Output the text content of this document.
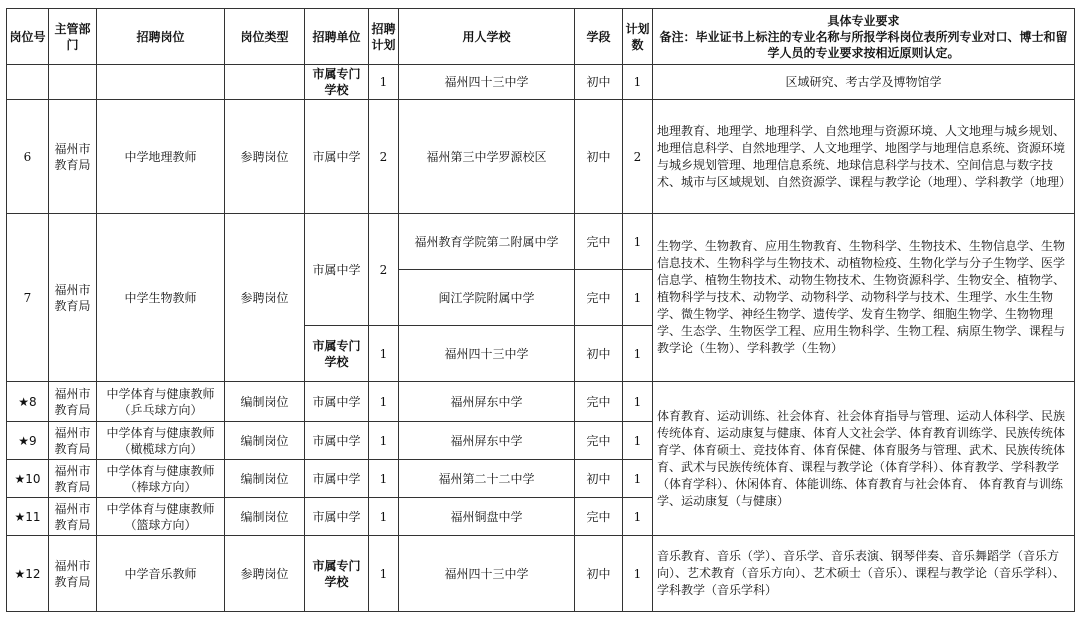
岗位号	主管部门	招聘岗位	岗位类型	招聘单位	招聘计划	用人学校	学段	计划数	具体专业要求
备注：毕业证书上标注的专业名称与所报学科岗位表所列专业对口、博士和留学人员的专业要求按相近原则认定。

				市属专门学校	1	福州四十三中学	初中	1	区域研究、考古学及博物馆学
6	福州市教育局	中学地理教师	参聘岗位	市属中学	2	福州第三中学罗源校区	初中	2	地理教育、地理学、地理科学、自然地理与资源环境、人文地理与城乡规划、地理信息科学、自然地理学、人文地理学、地图学与地理信息系统、资源环境与城乡规划管理、地理信息系统、地球信息科学与技术、空间信息与数字技术、城市与区域规划、自然资源学、课程与教学论（地理）、学科教学（地理）
7	福州市教育局	中学生物教师	参聘岗位	市属中学	2	福州教育学院第二附属中学	完中	1	生物学、生物教育、应用生物教育、生物科学、生物技术、生物信息学、生物信息技术、生物科学与生物技术、动植物检疫、生物化学与分子生物学、医学信息学、植物生物技术、动物生物技术、生物资源科学、生物安全、植物学、植物科学与技术、动物学、动物科学、动物科学与技术、生理学、水生生物学、微生物学、神经生物学、遗传学、发育生物学、细胞生物学、生物物理学、生态学、生物医学工程、应用生物科学、生物工程、病原生物学、课程与教学论（生物）、学科教学（生物）
						闽江学院附属中学	完中	1	
				市属专门学校	1	福州四十三中学	初中	1	
★8	福州市教育局	中学体育与健康教师（乒乓球方向）	编制岗位	市属中学	1	福州屏东中学	完中	1	体育教育、运动训练、社会体育、社会体育指导与管理、运动人体科学、民族传统体育、运动康复与健康、体育人文社会学、体育教育训练学、民族传统体育学、体育硕士、竞技体育、体育保健、体育服务与管理、武术、民族传统体育、武术与民族传统体育、课程与教学论（体育学科）、体育教学、学科教学（体育学科）、休闲体育、体能训练、体育教育与社会体育、 体育教育与训练学、运动康复（与健康）
★9	福州市教育局	中学体育与健康教师（橄榄球方向）	编制岗位	市属中学	1	福州屏东中学	完中	1	
★10	福州市教育局	中学体育与健康教师（棒球方向）	编制岗位	市属中学	1	福州第二十二中学	初中	1	
★11	福州市教育局	中学体育与健康教师（篮球方向）	编制岗位	市属中学	1	福州铜盘中学	完中	1	
★12	福州市教育局	中学音乐教师	参聘岗位	市属专门学校	1	福州四十三中学	初中	1	音乐教育、音乐（学）、音乐学、音乐表演、钢琴伴奏、音乐舞蹈学（音乐方向）、艺术教育（音乐方向）、艺术硕士（音乐）、课程与教学论（音乐学科）、学科教学（音乐学科）
